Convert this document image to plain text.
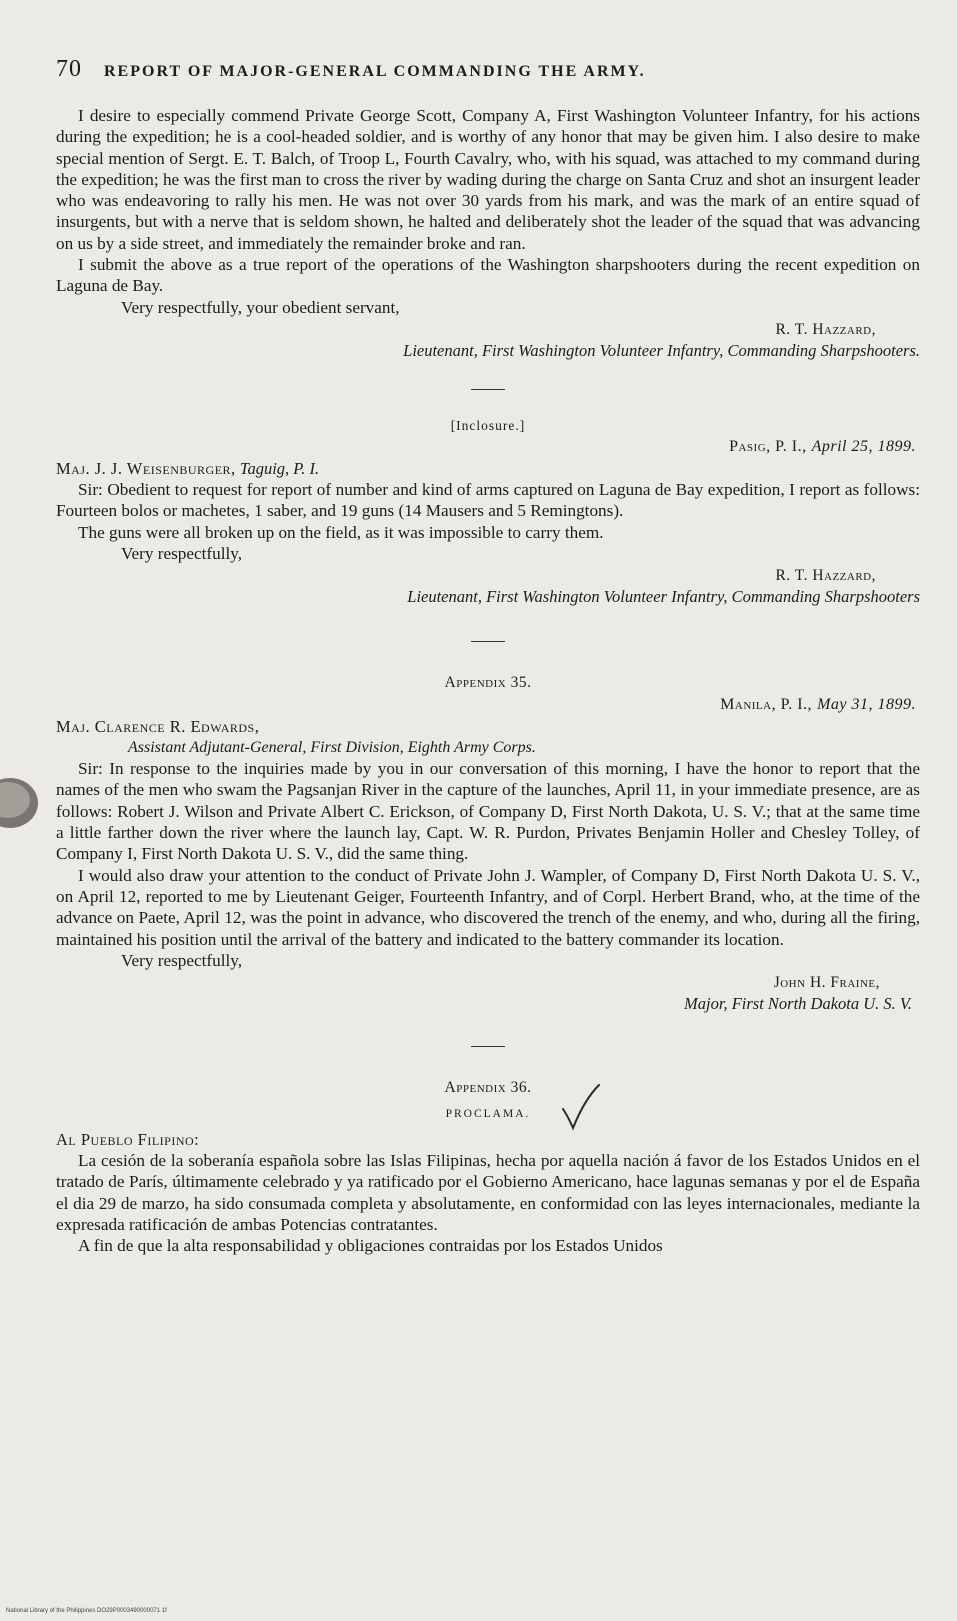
70 REPORT OF MAJOR-GENERAL COMMANDING THE ARMY.

I desire to especially commend Private George Scott, Company A, First Washington Volunteer Infantry, for his actions during the expedition; he is a cool-headed soldier, and is worthy of any honor that may be given him. I also desire to make special mention of Sergt. E. T. Balch, of Troop L, Fourth Cavalry, who, with his squad, was attached to my command during the expedition; he was the first man to cross the river by wading during the charge on Santa Cruz and shot an insurgent leader who was endeavoring to rally his men. He was not over 30 yards from his mark, and was the mark of an entire squad of insurgents, but with a nerve that is seldom shown, he halted and deliberately shot the leader of the squad that was advancing on us by a side street, and immediately the remainder broke and ran.

I submit the above as a true report of the operations of the Washington sharpshooters during the recent expedition on Laguna de Bay.

Very respectfully, your obedient servant,
R. T. Hazzard,
Lieutenant, First Washington Volunteer Infantry, Commanding Sharpshooters.
[Inclosure.]
Pasig, P. I., April 25, 1899.
Maj. J. J. Weisenburger, Taguig, P. I.

Sir: Obedient to request for report of number and kind of arms captured on Laguna de Bay expedition, I report as follows: Fourteen bolos or machetes, 1 saber, and 19 guns (14 Mausers and 5 Remingtons).

The guns were all broken up on the field, as it was impossible to carry them.

Very respectfully,
R. T. Hazzard,
Lieutenant, First Washington Volunteer Infantry, Commanding Sharpshooters
Appendix 35.
Manila, P. I., May 31, 1899.
Maj. Clarence R. Edwards,
Assistant Adjutant-General, First Division, Eighth Army Corps.

Sir: In response to the inquiries made by you in our conversation of this morning, I have the honor to report that the names of the men who swam the Pagsanjan River in the capture of the launches, April 11, in your immediate presence, are as follows: Robert J. Wilson and Private Albert C. Erickson, of Company D, First North Dakota, U. S. V.; that at the same time a little farther down the river where the launch lay, Capt. W. R. Purdon, Privates Benjamin Holler and Chesley Tolley, of Company I, First North Dakota U. S. V., did the same thing.

I would also draw your attention to the conduct of Private John J. Wampler, of Company D, First North Dakota U. S. V., on April 12, reported to me by Lieutenant Geiger, Fourteenth Infantry, and of Corpl. Herbert Brand, who, at the time of the advance on Paete, April 12, was the point in advance, who discovered the trench of the enemy, and who, during all the firing, maintained his position until the arrival of the battery and indicated to the battery commander its location.

Very respectfully,
John H. Fraine,
Major, First North Dakota U. S. V.
Appendix 36.
PROCLAMA.
Al Pueblo Filipino:

La cesión de la soberanía española sobre las Islas Filipinas, hecha por aquella nación á favor de los Estados Unidos en el tratado de París, últimamente celebrado y ya ratificado por el Gobierno Americano, hace lagunas semanas y por el de España el dia 29 de marzo, ha sido consumada completa y absolutamente, en conformidad con las leyes internacionales, mediante la expresada ratificación de ambas Potencias contratantes.

A fin de que la alta responsabilidad y obligaciones contraidas por los Estados Unidos

National Library of the Philippines DO29P0003490000071 1f
